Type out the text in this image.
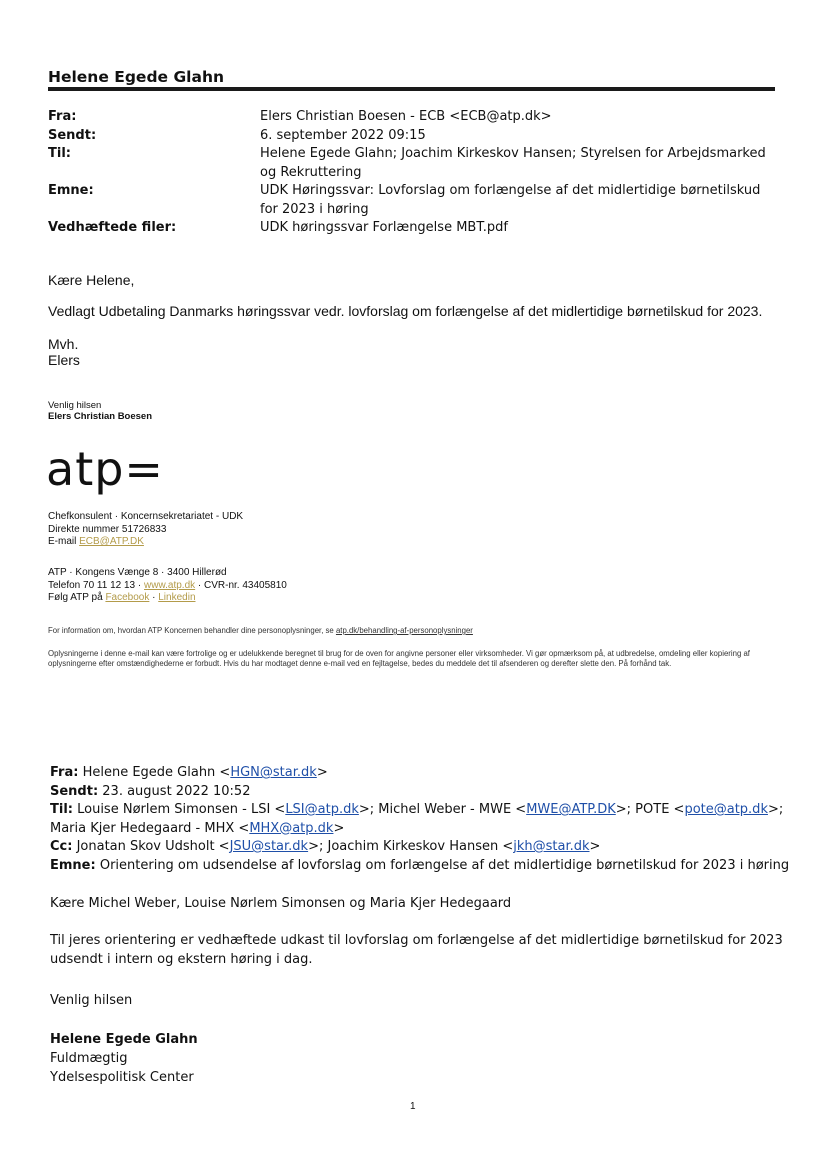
Helene Egede Glahn
Fra:	Elers Christian Boesen - ECB <ECB@atp.dk>
Sendt:	6. september 2022 09:15
Til:	Helene Egede Glahn; Joachim Kirkeskov Hansen; Styrelsen for Arbejdsmarked og Rekruttering
Emne:	UDK Høringssvar: Lovforslag om forlængelse af det midlertidige børnetilskud for 2023 i høring
Vedhæftede filer:	UDK høringssvar Forlængelse MBT.pdf
Kære Helene,
Vedlagt Udbetaling Danmarks høringssvar vedr. lovforslag om forlængelse af det midlertidige børnetilskud for 2023.
Mvh.
Elers
Venlig hilsen
Elers Christian Boesen
atp=
Chefkonsulent · Koncernsekretariatet - UDK
Direkte nummer 51726833
E-mail ECB@ATP.DK
ATP · Kongens Vænge 8 · 3400 Hillerød
Telefon 70 11 12 13 · www.atp.dk · CVR-nr. 43405810
Følg ATP på Facebook · Linkedin
For information om, hvordan ATP Koncernen behandler dine personoplysninger, se atp.dk/behandling-af-personoplysninger
Oplysningerne i denne e-mail kan være fortrolige og er udelukkende beregnet til brug for de oven for angivne personer eller virksomheder. Vi gør opmærksom på, at udbredelse, omdeling eller kopiering af oplysningerne efter omstændighederne er forbudt. Hvis du har modtaget denne e-mail ved en fejltagelse, bedes du meddele det til afsenderen og derefter slette den. På forhånd tak.
Fra: Helene Egede Glahn <HGN@star.dk>
Sendt: 23. august 2022 10:52
Til: Louise Nørlem Simonsen - LSI <LSI@atp.dk>; Michel Weber - MWE <MWE@ATP.DK>; POTE <pote@atp.dk>;
Maria Kjer Hedegaard - MHX <MHX@atp.dk>
Cc: Jonatan Skov Udsholt <JSU@star.dk>; Joachim Kirkeskov Hansen <jkh@star.dk>
Emne: Orientering om udsendelse af lovforslag om forlængelse af det midlertidige børnetilskud for 2023 i høring
Kære Michel Weber, Louise Nørlem Simonsen og Maria Kjer Hedegaard
Til jeres orientering er vedhæftede udkast til lovforslag om forlængelse af det midlertidige børnetilskud for 2023
udsendt i intern og ekstern høring i dag.
Venlig hilsen
Helene Egede Glahn
Fuldmægtig
Ydelsespolitisk Center
1
